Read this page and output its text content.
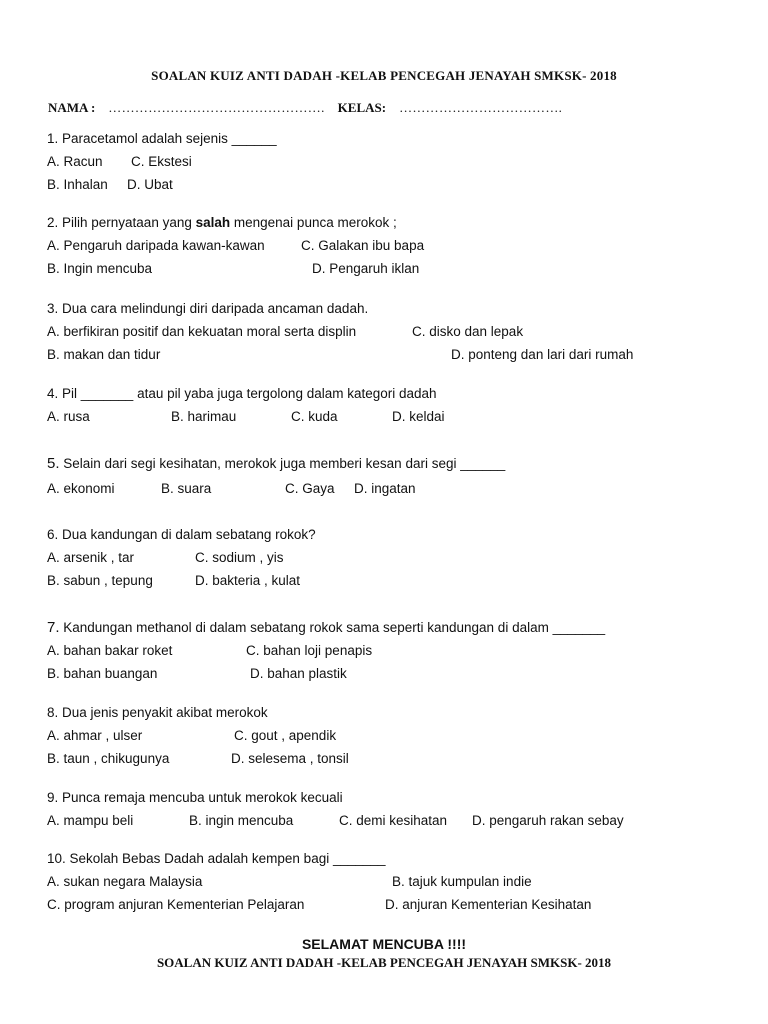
SOALAN KUIZ ANTI DADAH -KELAB PENCEGAH JENAYAH SMKSK- 2018
NAMA : …………………………………………. KELAS: ……………………………….
1. Paracetamol adalah sejenis ______
A. Racun C. Ekstesi
B. Inhalan D. Ubat
2. Pilih pernyataan yang salah mengenai punca merokok ;
A. Pengaruh daripada kawan-kawan	C. Galakan ibu bapa
B. Ingin mencuba	D. Pengaruh iklan
3. Dua cara melindungi diri daripada ancaman dadah.
A. berfikiran positif dan kekuatan moral serta displin	C. disko dan lepak
B. makan dan tidur	D. ponteng dan lari dari rumah
4. Pil _______ atau pil yaba juga tergolong dalam kategori dadah
A. rusa	B. harimau	C. kuda	D. keldai
5. Selain dari segi kesihatan, merokok juga memberi kesan dari segi ______
A. ekonomi	B. suara	C. Gaya D. ingatan
6. Dua kandungan di dalam sebatang rokok?
A. arsenik , tar	C. sodium , yis
B. sabun , tepung	D. bakteria , kulat
7. Kandungan methanol di dalam sebatang rokok sama seperti kandungan di dalam _______
A. bahan bakar roket	C. bahan loji penapis
B. bahan buangan	D. bahan plastik
8. Dua jenis penyakit akibat merokok
A. ahmar , ulser	C. gout , apendik
B. taun , chikugunya	D. selesema , tonsil
9. Punca remaja mencuba untuk merokok kecuali
A. mampu beli	B. ingin mencuba	C. demi kesihatan D. pengaruh rakan sebay
10. Sekolah Bebas Dadah adalah kempen bagi _______
A. sukan negara Malaysia	B. tajuk kumpulan indie
C. program anjuran Kementerian Pelajaran	D. anjuran Kementerian Kesihatan
SELAMAT MENCUBA !!!!
SOALAN KUIZ ANTI DADAH -KELAB PENCEGAH JENAYAH SMKSK- 2018
